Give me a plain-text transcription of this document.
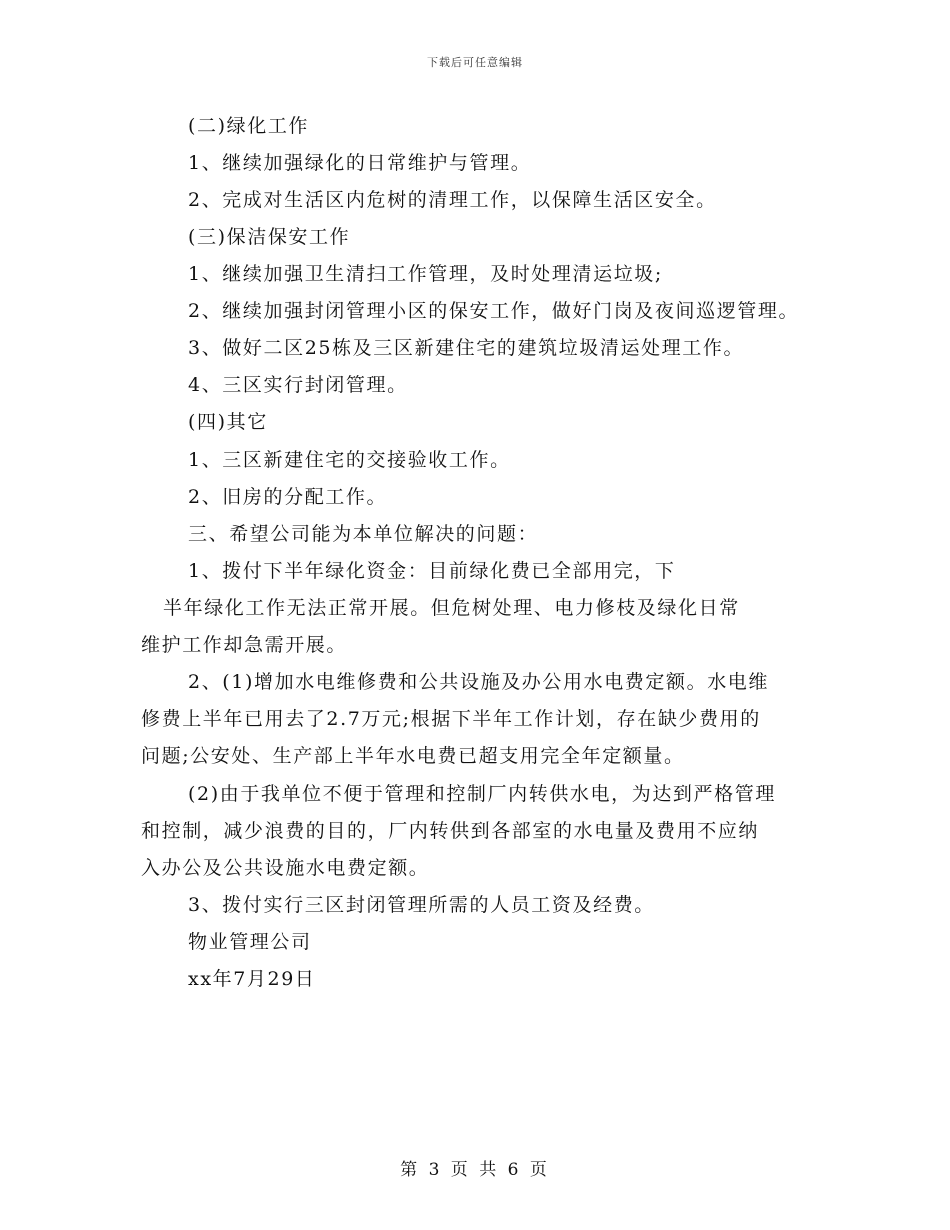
下载后可任意编辑
(二)绿化工作
1、继续加强绿化的日常维护与管理。
2、完成对生活区内危树的清理工作，以保障生活区安全。
(三)保洁保安工作
1、继续加强卫生清扫工作管理，及时处理清运垃圾;
2、继续加强封闭管理小区的保安工作，做好门岗及夜间巡逻管理。
3、做好二区25栋及三区新建住宅的建筑垃圾清运处理工作。
4、三区实行封闭管理。
(四)其它
1、三区新建住宅的交接验收工作。
2、旧房的分配工作。
三、希望公司能为本单位解决的问题：
1、拨付下半年绿化资金：目前绿化费已全部用完，下
半年绿化工作无法正常开展。但危树处理、电力修枝及绿化日常
维护工作却急需开展。
2、(1)增加水电维修费和公共设施及办公用水电费定额。水电维
修费上半年已用去了2.7万元;根据下半年工作计划，存在缺少费用的
问题;公安处、生产部上半年水电费已超支用完全年定额量。
(2)由于我单位不便于管理和控制厂内转供水电，为达到严格管理
和控制，减少浪费的目的，厂内转供到各部室的水电量及费用不应纳
入办公及公共设施水电费定额。
3、拨付实行三区封闭管理所需的人员工资及经费。
物业管理公司
xx年7月29日
第 3 页 共 6 页
